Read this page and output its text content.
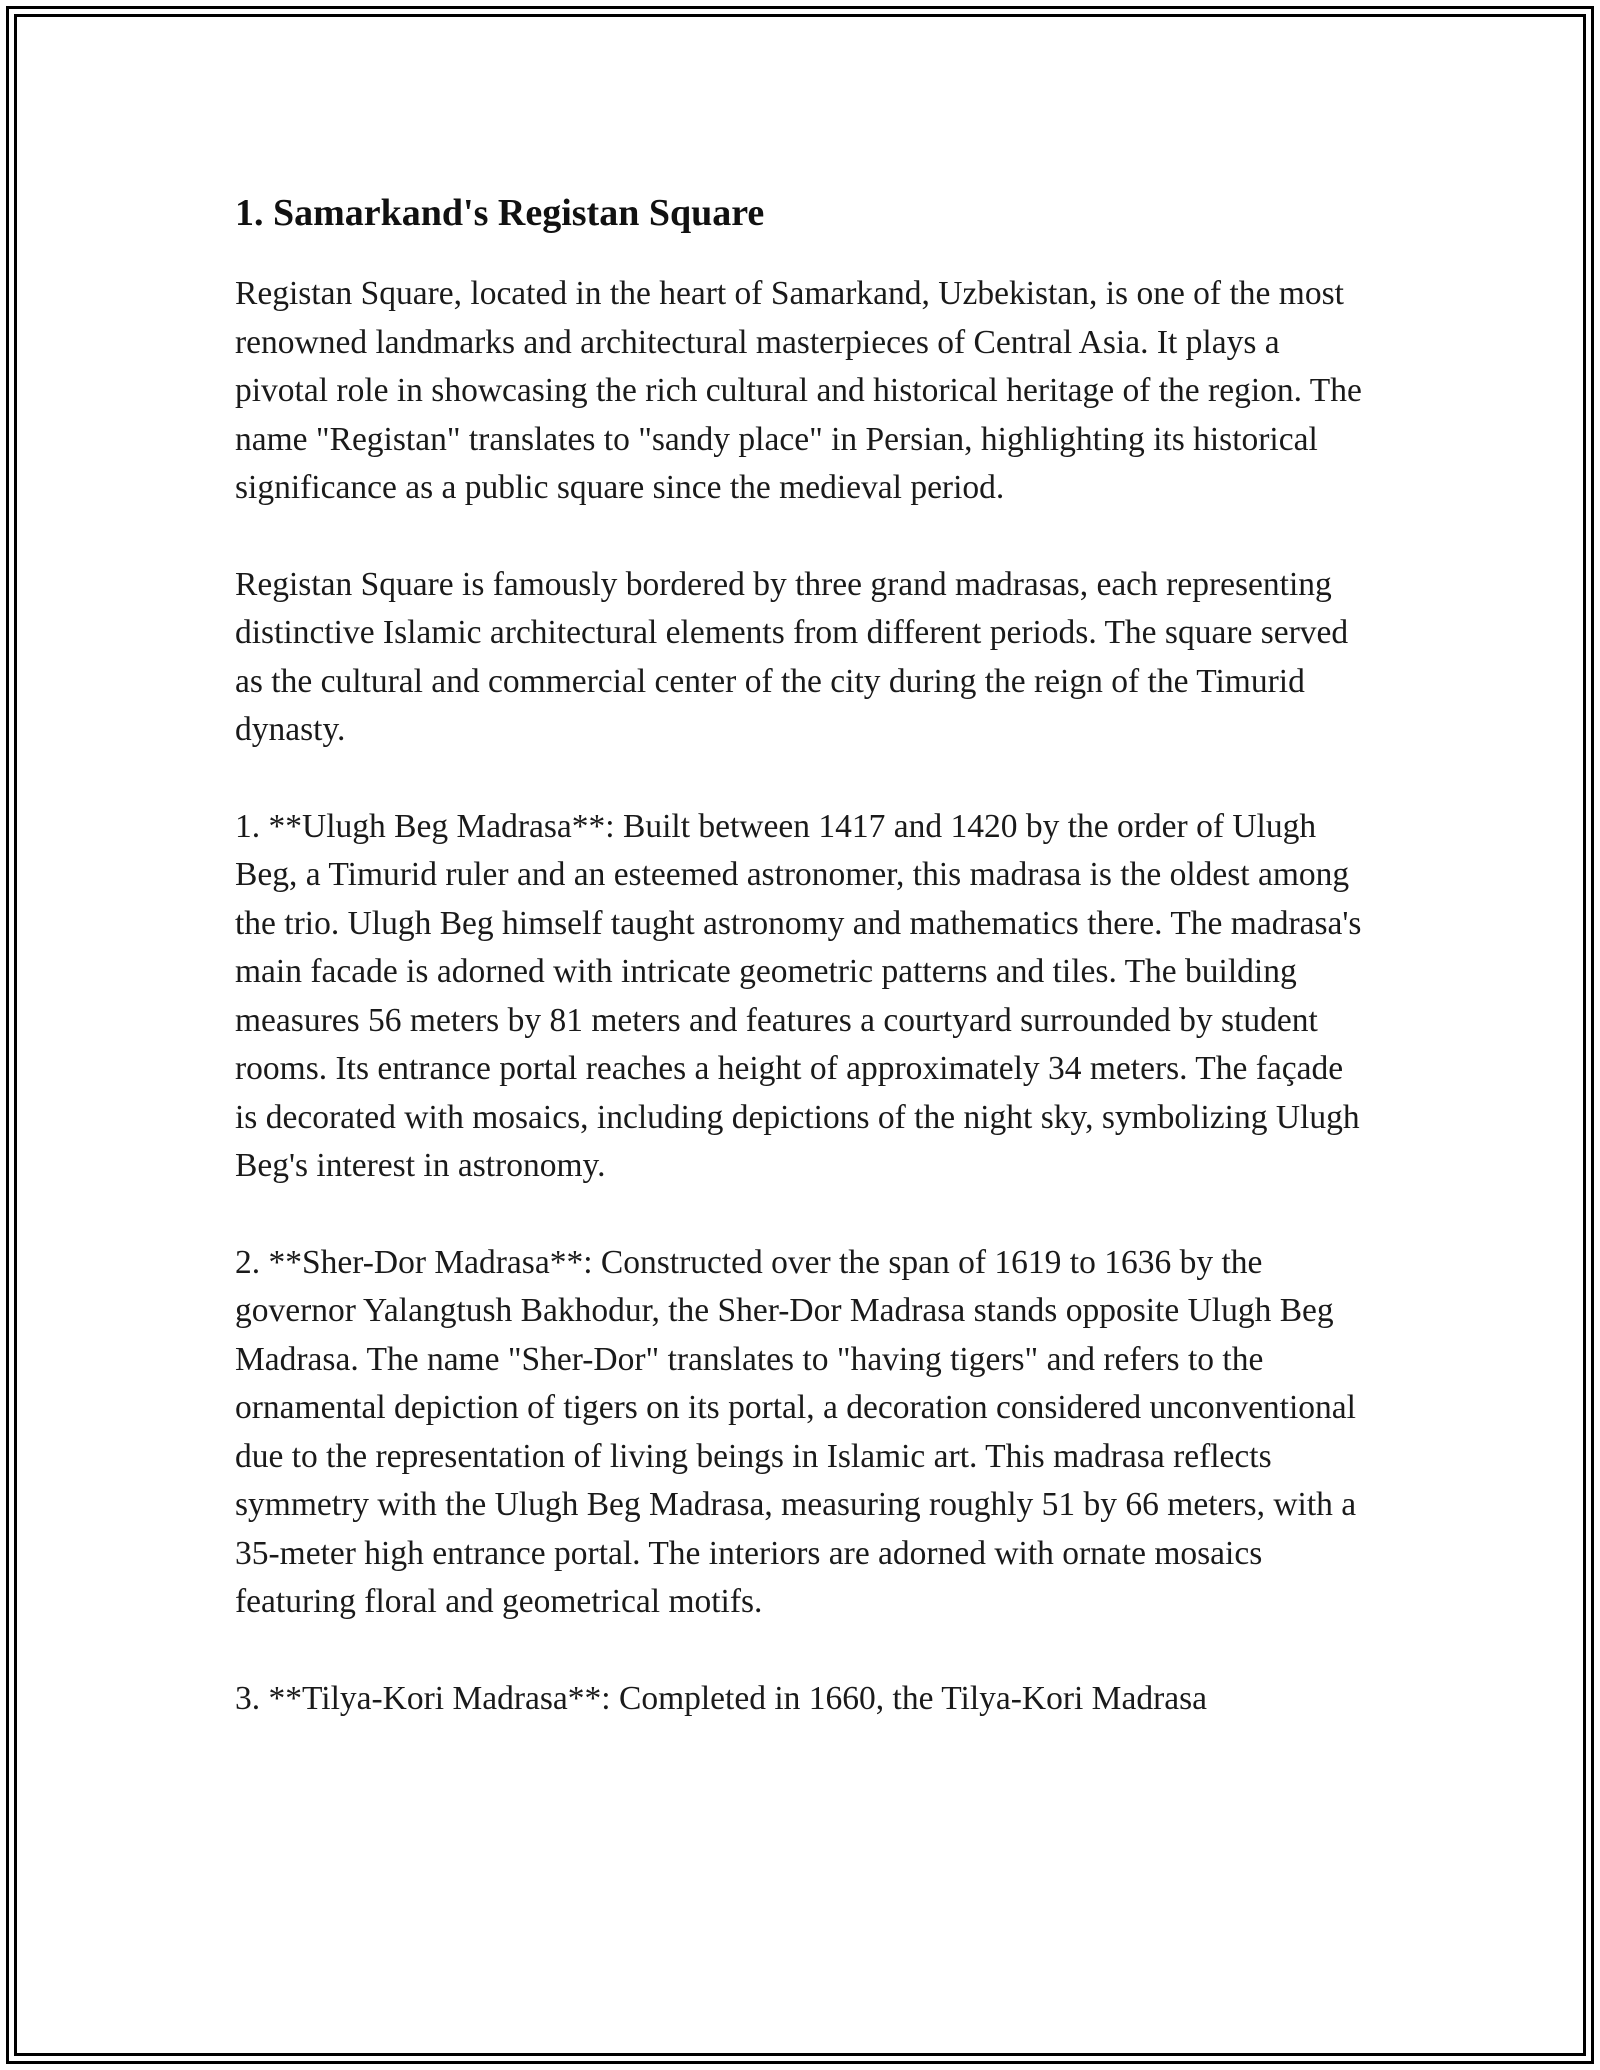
1. Samarkand's Registan Square

Registan Square, located in the heart of Samarkand, Uzbekistan, is one of the most renowned landmarks and architectural masterpieces of Central Asia. It plays a pivotal role in showcasing the rich cultural and historical heritage of the region. The name "Registan" translates to "sandy place" in Persian, highlighting its historical significance as a public square since the medieval period.

Registan Square is famously bordered by three grand madrasas, each representing distinctive Islamic architectural elements from different periods. The square served as the cultural and commercial center of the city during the reign of the Timurid dynasty.

1. **Ulugh Beg Madrasa**: Built between 1417 and 1420 by the order of Ulugh Beg, a Timurid ruler and an esteemed astronomer, this madrasa is the oldest among the trio. Ulugh Beg himself taught astronomy and mathematics there. The madrasa's main facade is adorned with intricate geometric patterns and tiles. The building measures 56 meters by 81 meters and features a courtyard surrounded by student rooms. Its entrance portal reaches a height of approximately 34 meters. The façade is decorated with mosaics, including depictions of the night sky, symbolizing Ulugh Beg's interest in astronomy.

2. **Sher-Dor Madrasa**: Constructed over the span of 1619 to 1636 by the governor Yalangtush Bakhodur, the Sher-Dor Madrasa stands opposite Ulugh Beg Madrasa. The name "Sher-Dor" translates to "having tigers" and refers to the ornamental depiction of tigers on its portal, a decoration considered unconventional due to the representation of living beings in Islamic art. This madrasa reflects symmetry with the Ulugh Beg Madrasa, measuring roughly 51 by 66 meters, with a 35-meter high entrance portal. The interiors are adorned with ornate mosaics featuring floral and geometrical motifs.

3. **Tilya-Kori Madrasa**: Completed in 1660, the Tilya-Kori Madrasa
